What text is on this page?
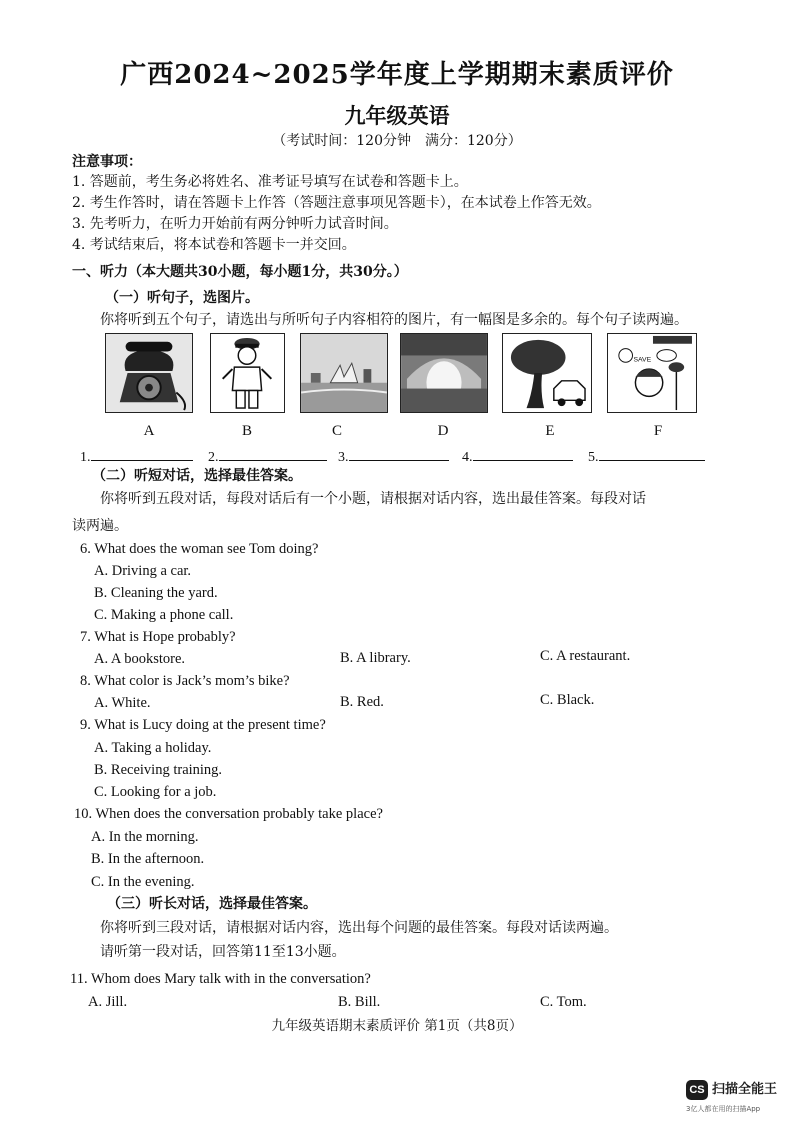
广西2024~2025学年度上学期期末素质评价
九年级英语
（考试时间：120分钟　满分：120分）
注意事项：
1. 答题前，考生务必将姓名、准考证号填写在试卷和答题卡上。
2. 考生作答时，请在答题卡上作答（答题注意事项见答题卡），在本试卷上作答无效。
3. 先考听力，在听力开始前有两分钟听力试音时间。
4. 考试结束后，将本试卷和答题卡一并交回。
一、听力（本大题共30小题，每小题1分，共30分。）
（一）听句子，选图片。
你将听到五个句子，请选出与所听句子内容相符的图片，有一幅图是多余的。每个句子读两遍。
SAVE
A	B	C	D	E	F
1.	2.	3.	4.	5.
（二）听短对话，选择最佳答案。
你将听到五段对话，每段对话后有一个小题，请根据对话内容，选出最佳答案。每段对话
读两遍。
6. What does the woman see Tom doing?
A. Driving a car.
B. Cleaning the yard.
C. Making a phone call.
7. What is Hope probably?
A. A bookstore.	B. A library.	C. A restaurant.
8. What color is Jack’s mom’s bike?
A. White.	B. Red.	C. Black.
9. What is Lucy doing at the present time?
A. Taking a holiday.
B. Receiving training.
C. Looking for a job.
10. When does the conversation probably take place?
A. In the morning.
B. In the afternoon.
C. In the evening.
（三）听长对话，选择最佳答案。
你将听到三段对话，请根据对话内容，选出每个问题的最佳答案。每段对话读两遍。
请听第一段对话，回答第11至13小题。
11. Whom does Mary talk with in the conversation?
A. Jill.	B. Bill.	C. Tom.
九年级英语期末素质评价 第1页（共8页）
CS 扫描全能王
3亿人都在用的扫描App
